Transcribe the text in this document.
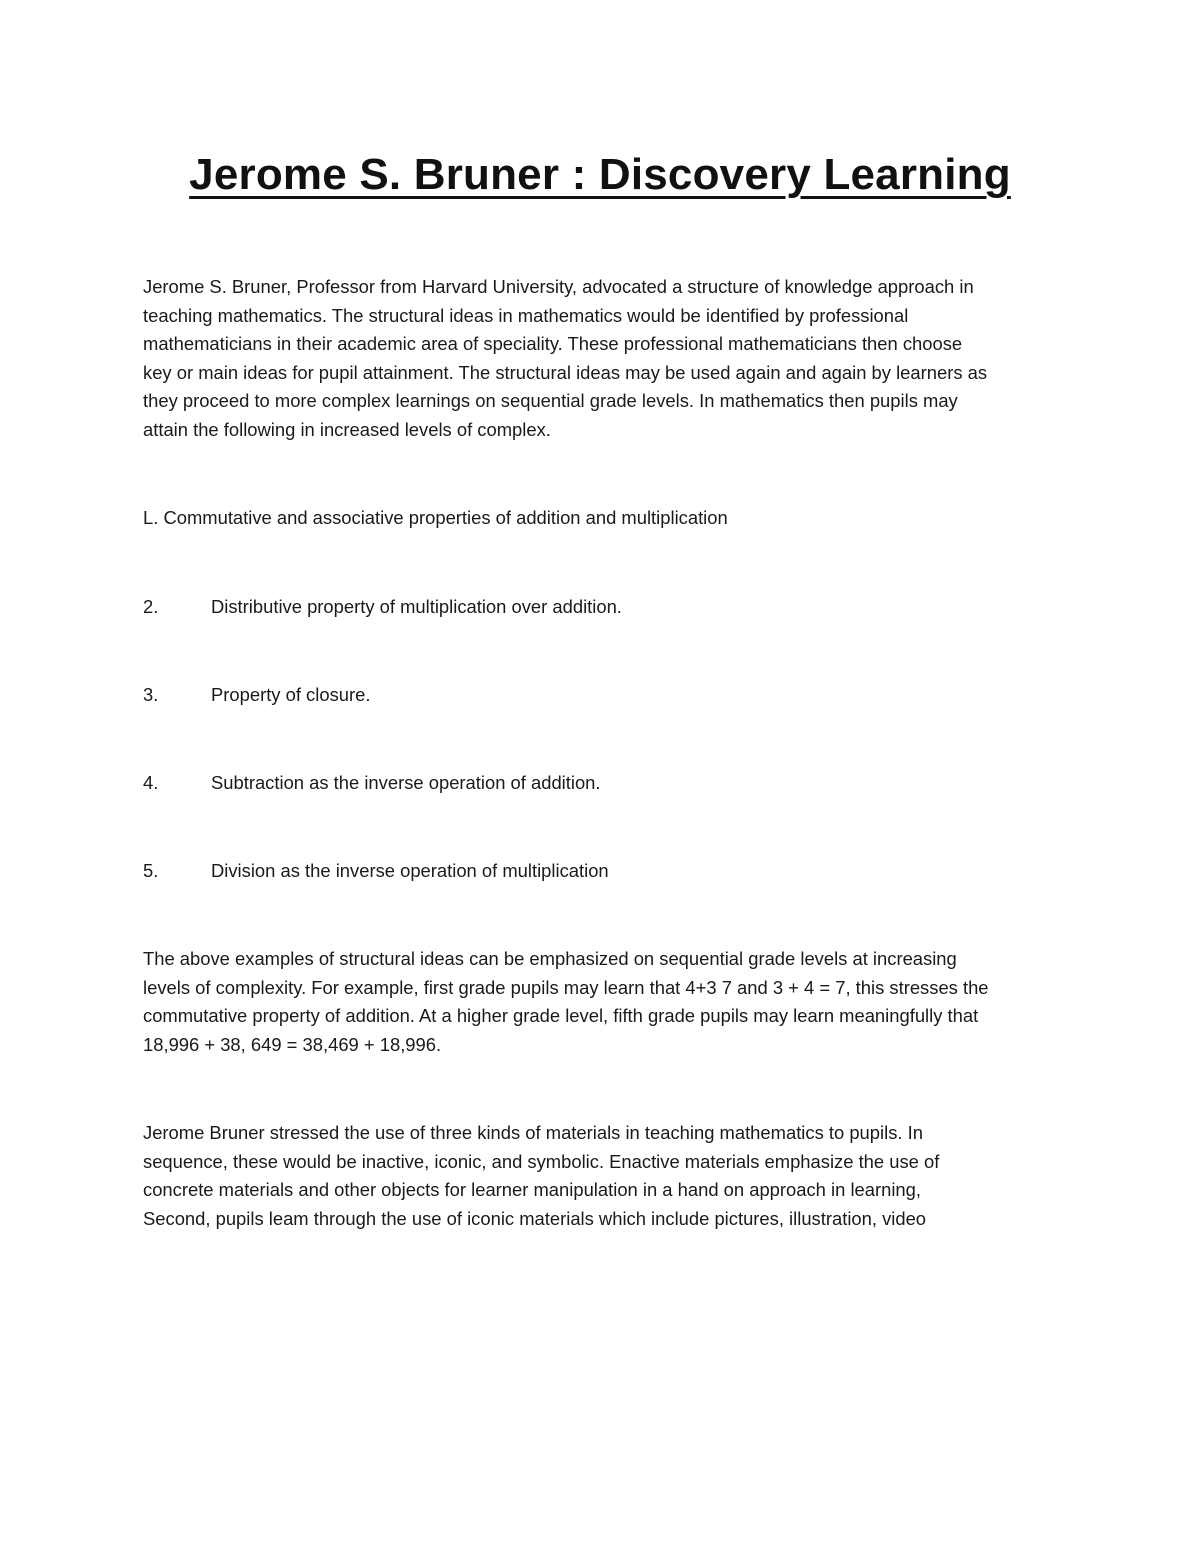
Jerome S. Bruner : Discovery Learning
Jerome S. Bruner, Professor from Harvard University, advocated a structure of knowledge approach in
teaching mathematics. The structural ideas in mathematics would be identified by professional
mathematicians in their academic area of speciality. These professional mathematicians then choose
key or main ideas for pupil attainment. The structural ideas may be used again and again by learners as
they proceed to more complex learnings on sequential grade levels. In mathematics then pupils may
attain the following in increased levels of complex.
L. Commutative and associative properties of addition and multiplication
2.	Distributive property of multiplication over addition.
3.	Property of closure.
4.	Subtraction as the inverse operation of addition.
5.	Division as the inverse operation of multiplication
The above examples of structural ideas can be emphasized on sequential grade levels at increasing
levels of complexity. For example, first grade pupils may learn that 4+3 7 and 3 + 4 = 7, this stresses the
commutative property of addition. At a higher grade level, fifth grade pupils may learn meaningfully that
18,996 + 38, 649 = 38,469 + 18,996.
Jerome Bruner stressed the use of three kinds of materials in teaching mathematics to pupils. In
sequence, these would be inactive, iconic, and symbolic. Enactive materials emphasize the use of
concrete materials and other objects for learner manipulation in a hand on approach in learning,
Second, pupils leam through the use of iconic materials which include pictures, illustration, video
